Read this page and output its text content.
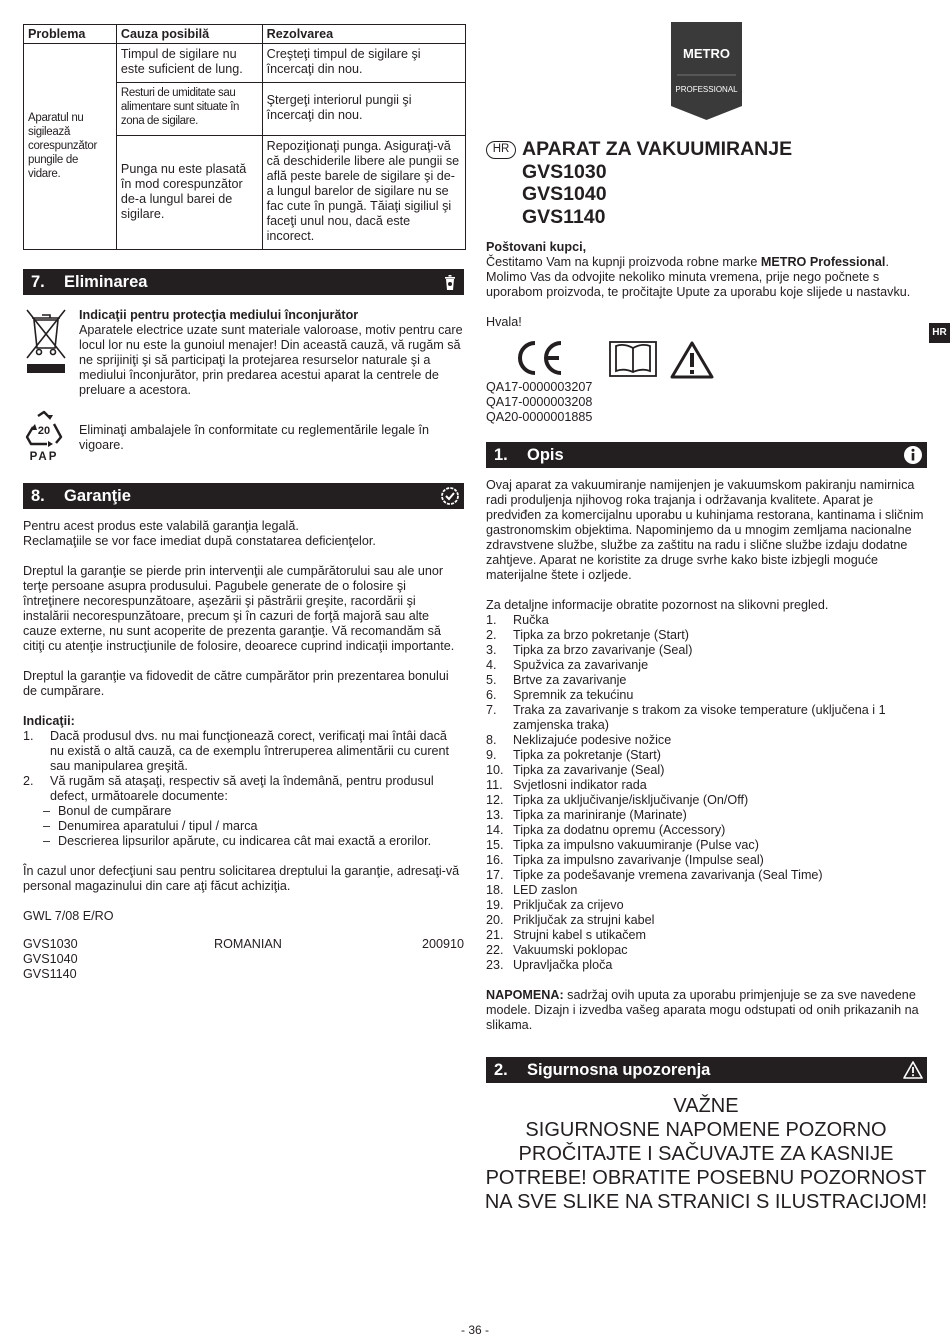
Problema	Cauza posibilă	Rezolvarea
Aparatul nu sigilează corespunzător pungile de vidare.	Timpul de sigilare nu este suficient de lung.	Creşteţi timpul de sigilare şi încercaţi din nou.
	Resturi de umiditate sau alimentare sunt situate în zona de sigilare.	Ştergeţi interiorul pungii şi încercaţi din nou.
	Punga nu este plasată în mod corespunzător de-a lungul barei de sigilare.	Repoziţionaţi punga. Asiguraţi-vă că deschiderile libere ale pungii se află peste barele de sigilare şi de-a lungul barelor de sigilare nu se fac cute în pungă. Tăiaţi sigiliul şi faceţi unul nou, dacă este incorect.
7. Eliminarea

Indicaţii pentru protecţia mediului înconjurător

Aparatele electrice uzate sunt materiale valoroase, motiv pentru care locul lor nu este la gunoiul menajer! Din această cauză, vă rugăm să ne sprijiniţi şi să participaţi la protejarea resurselor naturale şi a mediului înconjurător, prin predarea acestui aparat la centrele de preluare a acestora.

20
PAP

Eliminaţi ambalajele în conformitate cu reglementările legale în vigoare.

8. Garanţie

Pentru acest produs este valabilă garanţia legală.

Reclamaţiile se vor face imediat după constatarea deficienţelor.

Dreptul la garanţie se pierde prin intervenţii ale cumpărătorului sau ale unor terţe persoane asupra produsului. Pagubele generate de o folosire şi întreţinere necorespunzătoare, aşezării şi păstrării greşite, racordării şi instalării necorespunzătoare, precum şi în cazuri de forţă majoră sau alte cauze externe, nu sunt acoperite de prezenta garanţie. Vă recomandăm să citiţi cu atenţie instrucţiunile de folosire, deoarece cuprind indicaţii importante.

Dreptul la garanţie va fidovedit de către cumpărător prin prezentarea bonului de cumpărare.

Indicaţii:

1. Dacă produsul dvs. nu mai funcţionează corect, verificaţi mai întâi dacă nu există o altă cauză, ca de exemplu întreruperea alimentării cu curent sau manipularea greşită.
2. Vă rugăm să ataşaţi, respectiv să aveţi la îndemână, pentru produsul defect, următoarele documente:
– Bonul de cumpărare
– Denumirea aparatului / tipul / marca
– Descrierea lipsurilor apărute, cu indicarea cât mai exactă a erorilor.

În cazul unor defecţiuni sau pentru solicitarea dreptului la garanţie, adresaţi-vă personal magazinului din care aţi făcut achiziţia.

GWL 7/08 E/RO

GVS1030

GVS1040

GVS1140

ROMANIAN	200910
METRO
PROFESSIONAL
HR APARAT ZA VAKUUMIRANJE
GVS1030
GVS1040
GVS1140

Poštovani kupci,

Čestitamo Vam na kupnji proizvoda robne marke METRO Professional.

Molimo Vas da odvojite nekoliko minuta vremena, prije nego počnete s uporabom proizvoda, te pročitajte Upute za uporabu koje slijede u nastavku.

Hvala!

QA17-0000003207

QA17-0000003208

QA20-0000001885

HR
1. Opis

Ovaj aparat za vakuumiranje namijenjen je vakuumskom pakiranju namirnica radi produljenja njihovog roka trajanja i održavanja kvalitete. Aparat je predviđen za komercijalnu uporabu u kuhinjama restorana, kantinama i sličnim gastronomskim objektima. Napominjemo da u mnogim zemljama nacionalne zdravstvene službe, službe za zaštitu na radu i slične službe izdaju dodatne zahtjeve. Aparat ne koristite za druge svrhe kako biste izbjegli moguće materijalne štete i ozljede.

Za detaljne informacije obratite pozornost na slikovni pregled.

1. Ručka
2. Tipka za brzo pokretanje (Start)
3. Tipka za brzo zavarivanje (Seal)
4. Spužvica za zavarivanje
5. Brtve za zavarivanje
6. Spremnik za tekućinu
7. Traka za zavarivanje s trakom za visoke temperature (uključena i 1 zamjenska traka)
8. Neklizajuće podesive nožice
9. Tipka za pokretanje (Start)
10. Tipka za zavarivanje (Seal)
11. Svjetlosni indikator rada
12. Tipka za uključivanje/isključivanje (On/Off)
13. Tipka za mariniranje (Marinate)
14. Tipka za dodatnu opremu (Accessory)
15. Tipka za impulsno vakuumiranje (Pulse vac)
16. Tipka za impulsno zavarivanje (Impulse seal)
17. Tipke za podešavanje vremena zavarivanja (Seal Time)
18. LED zaslon
19. Priključak za crijevo
20. Priključak za strujni kabel
21. Strujni kabel s utikačem
22. Vakuumski poklopac
23. Upravljačka ploča

NAPOMENA: sadržaj ovih uputa za uporabu primjenjuje se za sve navedene modele. Dizajn i izvedba vašeg aparata mogu odstupati od onih prikazanih na slikama.

2. Sigurnosna upozorenja
VAŽNE
SIGURNOSNE NAPOMENE POZORNO
PROČITAJTE I SAČUVAJTE ZA KASNIJE
POTREBE! OBRATITE POSEBNU POZORNOST
NA SVE SLIKE NA STRANICI S ILUSTRACIJOM!
- 36 -
